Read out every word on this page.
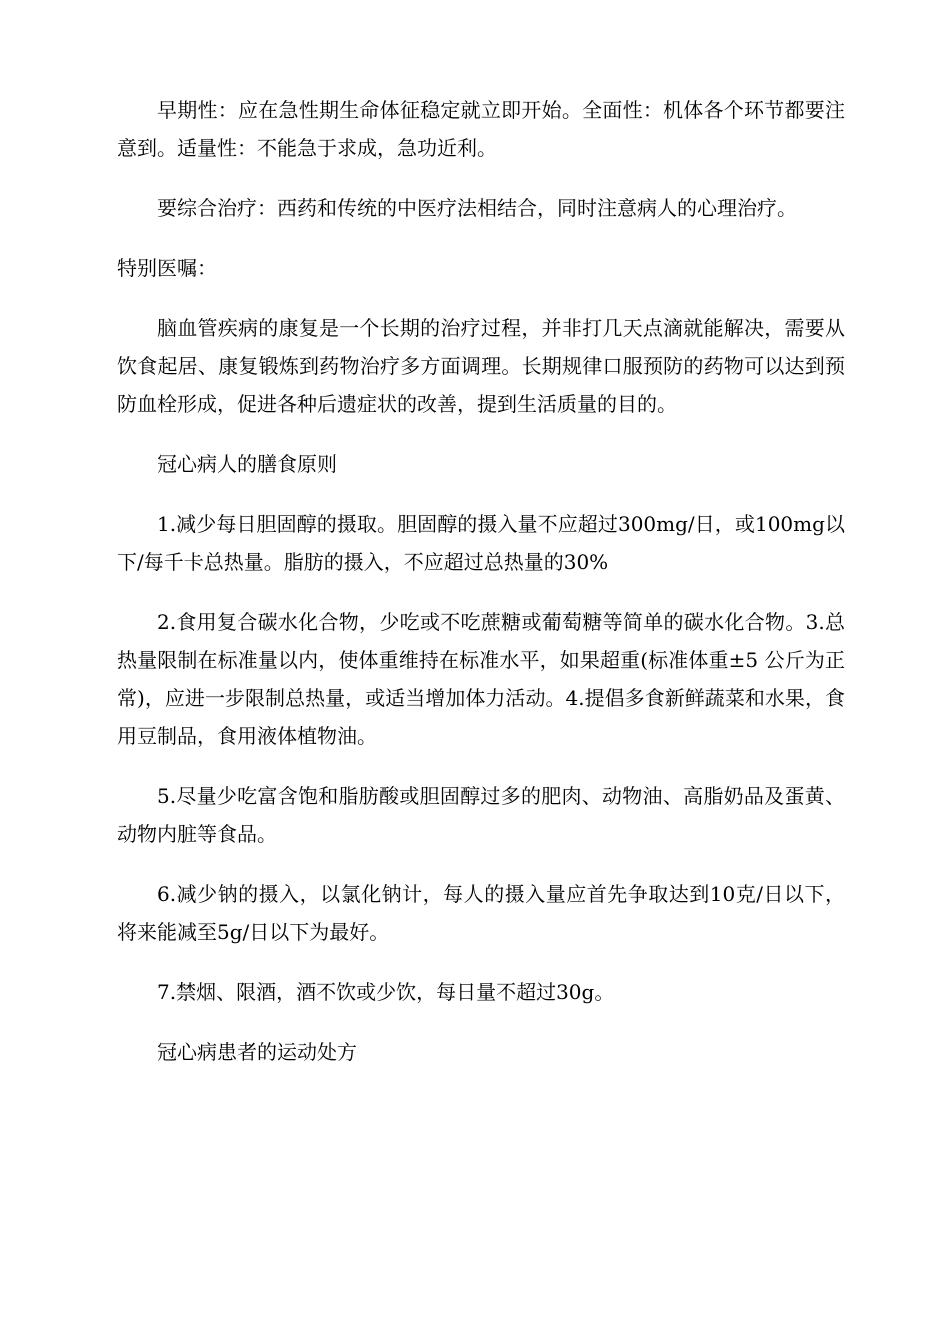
早期性：应在急性期生命体征稳定就立即开始。全面性：机体各个环节都要注意到。适量性：不能急于求成，急功近利。

要综合治疗：西药和传统的中医疗法相结合，同时注意病人的心理治疗。

特别医嘱：

脑血管疾病的康复是一个长期的治疗过程，并非打几天点滴就能解决，需要从饮食起居、康复锻炼到药物治疗多方面调理。长期规律口服预防的药物可以达到预防血栓形成，促进各种后遗症状的改善，提到生活质量的目的。

冠心病人的膳食原则

1.减少每日胆固醇的摄取。胆固醇的摄入量不应超过300mg/日，或100mg以下/每千卡总热量。脂肪的摄入，不应超过总热量的30%

2.食用复合碳水化合物，少吃或不吃蔗糖或葡萄糖等简单的碳水化合物。3.总热量限制在标准量以内，使体重维持在标准水平，如果超重(标准体重±5 公斤为正常)，应进一步限制总热量，或适当增加体力活动。4.提倡多食新鲜蔬菜和水果，食用豆制品，食用液体植物油。

5.尽量少吃富含饱和脂肪酸或胆固醇过多的肥肉、动物油、高脂奶品及蛋黄、动物内脏等食品。

6.减少钠的摄入，以氯化钠计，每人的摄入量应首先争取达到10克/日以下，将来能减至5g/日以下为最好。

7.禁烟、限酒，酒不饮或少饮，每日量不超过30g。

冠心病患者的运动处方
